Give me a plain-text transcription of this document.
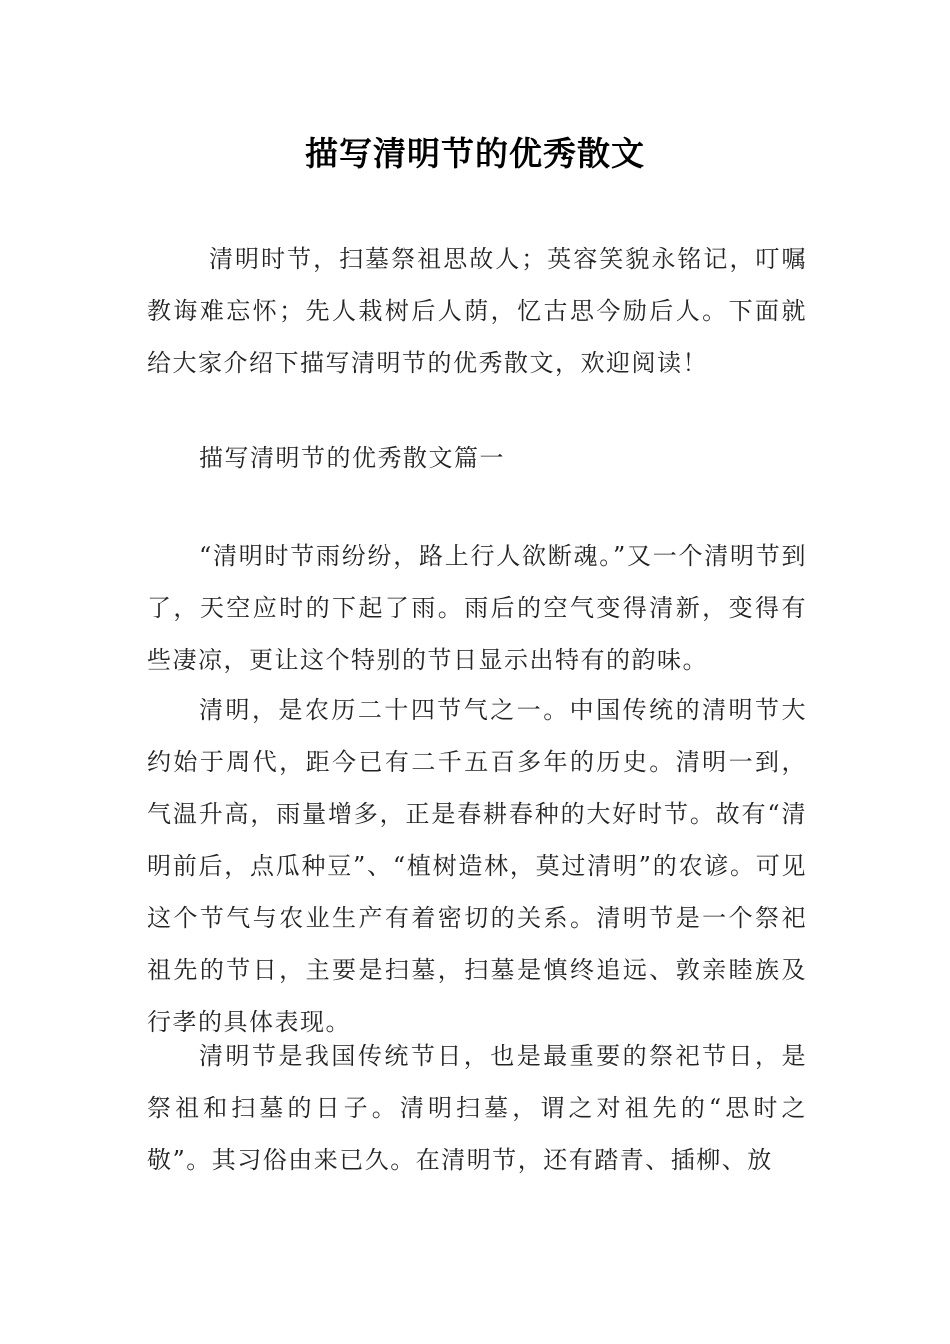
描写清明节的优秀散文

清明时节，扫墓祭祖思故人；英容笑貌永铭记，叮嘱教诲难忘怀；先人栽树后人荫，忆古思今励后人。下面就给大家介绍下描写清明节的优秀散文，欢迎阅读！

描写清明节的优秀散文篇一

“清明时节雨纷纷，路上行人欲断魂。”又一个清明节到了，天空应时的下起了雨。雨后的空气变得清新，变得有些凄凉，更让这个特别的节日显示出特有的韵味。

清明，是农历二十四节气之一。中国传统的清明节大约始于周代，距今已有二千五百多年的历史。清明一到，气温升高，雨量增多，正是春耕春种的大好时节。故有“清明前后，点瓜种豆”、“植树造林，莫过清明”的农谚。可见这个节气与农业生产有着密切的关系。清明节是一个祭祀祖先的节日，主要是扫墓，扫墓是慎终追远、敦亲睦族及行孝的具体表现。

清明节是我国传统节日，也是最重要的祭祀节日，是祭祖和扫墓的日子。清明扫墓，谓之对祖先的“思时之敬”。其习俗由来已久。在清明节，还有踏青、插柳、放
